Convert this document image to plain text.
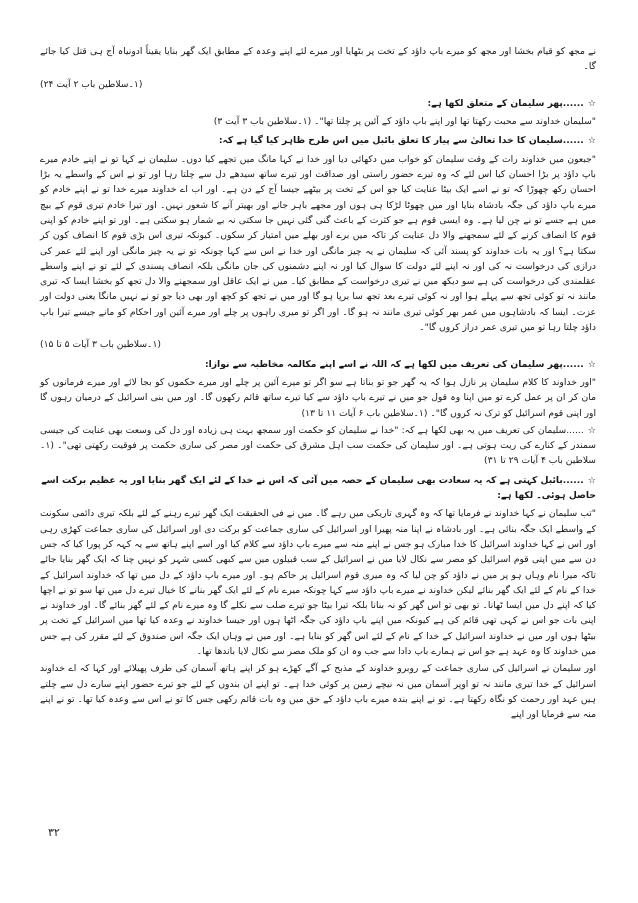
نے مجھ کو قیام بخشا اور مجھ کو میرے باپ داؤد کے تخت پر بٹھایا اور میرے لئے اپنے وعدہ کے مطابق ایک گھر بنایا یقیناً ادونیاہ آج ہی قتل کیا جائے گا۔

(۱۔سلاطین باب ۲ آیت ۲۴)

☆......پھر سلیمان کے متعلق لکھا ہے:

"سلیمان خداوند سے محبت رکھتا تھا اور اپنے باپ داؤد کے آئین پر چلتا تھا"۔ (۱۔سلاطین باب ۳ آیت ۳)

☆......سلیمان کا خدا تعالیٰ سے پیار کا تعلق بائبل میں اس طرح ظاہر کیا گیا ہے کہ:

"جبعون میں خداوند رات کے وقت سلیمان کو خواب میں دکھائی دیا اور خدا نے کہا مانگ میں تجھے کیا دوں۔ سلیمان نے کہا تو نے اپنے خادم میرے باپ داؤد پر بڑا احسان کیا اس لئے کہ وہ تیرے حضور راستی اور صداقت اور تیرے ساتھ سیدھے دل سے چلتا رہا اور تو نے اس کے واسطے یہ بڑا احسان رکھ چھوڑا کہ تو نے اسے ایک بیٹا عنایت کیا جو اس کے تخت پر بیٹھے جیسا آج کے دن ہے۔ اور اب اے خداوند میرے خدا تو نے اپنے خادم کو میرے باپ داؤد کی جگہ بادشاہ بنایا اور میں چھوٹا لڑکا ہی ہوں اور مجھے باہر جانے اور بھیتر آنے کا شعور نہیں۔ اور تیرا خادم تیری قوم کے بیچ میں ہے جسے تو نے چن لیا ہے۔ وہ ایسی قوم ہے جو کثرت کے باعث گنی گئی نہیں جا سکتی نہ بے شمار ہو سکتی ہے۔ اور تو اپنے خادم کو اپنی قوم کا انصاف کرنے کے لئے سمجھنے والا دل عنایت کر تاکہ میں برے اور بھلے میں امتیاز کر سکوں۔ کیونکہ تیری اس بڑی قوم کا انصاف کون کر سکتا ہے؟ اور یہ بات خداوند کو پسند آئی کہ سلیمان نے یہ چیز مانگی اور خدا نے اس سے کہا چونکہ تو نے یہ چیز مانگی اور اپنے لئے عمر کی درازی کی درخواست نہ کی اور نہ اپنے لئے دولت کا سوال کیا اور نہ اپنے دشمنوں کی جان مانگی بلکہ انصاف پسندی کے لئے تو نے اپنے واسطے عقلمندی کی درخواست کی ہے سو دیکھ میں نے تیری درخواست کے مطابق کیا۔ میں نے ایک عاقل اور سمجھنے والا دل تجھ کو بخشا ایسا کہ تیری مانند نہ تو کوئی تجھ سے پہلے ہوا اور نہ کوئی تیرے بعد تجھ سا برپا ہو گا اور میں نے تجھ کو کچھ اور بھی دیا جو تو نے نہیں مانگا یعنی دولت اور عزت۔ ایسا کہ بادشاہوں میں عمر بھر کوئی تیری مانند نہ ہو گا۔ اور اگر تو میری راہوں پر چلے اور میرے آئین اور احکام کو مانے جیسے تیرا باپ داؤد چلتا رہا تو میں تیری عمر دراز کروں گا"۔

(۱۔سلاطین باب ۳ آیات ۵ تا ۱۵)

☆......پھر سلیمان کی تعریف میں لکھا ہے کہ اللہ نے اسے اپنے مکالمہ مخاطبہ سے نوازا:

"اور خداوند کا کلام سلیمان پر نازل ہوا کہ یہ گھر جو تو بناتا ہے سو اگر تو میرے آئین پر چلے اور میرے حکموں کو بجا لائے اور میرے فرمانوں کو مان کر ان پر عمل کرے تو میں اپنا وہ قول جو میں نے تیرے باپ داؤد سے کیا تیرے ساتھ قائم رکھوں گا۔ اور میں بنی اسرائیل کے درمیان رہوں گا اور اپنی قوم اسرائیل کو ترک نہ کروں گا"۔ (۱۔سلاطین باب ۶ آیات ۱۱ تا ۱۳)

☆......سلیمان کی تعریف میں یہ بھی لکھا ہے کہ: "خدا نے سلیمان کو حکمت اور سمجھ بہت ہی زیادہ اور دل کی وسعت بھی عنایت کی جیسی سمندر کے کنارے کی ریت ہوتی ہے۔ اور سلیمان کی حکمت سب اہل مشرق کی حکمت اور مصر کی ساری حکمت پر فوقیت رکھتی تھی"۔ (۱۔سلاطین باب ۴ آیات ۲۹ تا ۳۱)

☆......بائبل کہتی ہے کہ یہ سعادت بھی سلیمان کے حصہ میں آئی کہ اس نے خدا کے لئے ایک گھر بنایا اور یہ عظیم برکت اسے حاصل ہوئی۔ لکھا ہے:

"تب سلیمان نے کہا خداوند نے فرمایا تھا کہ وہ گہری تاریکی میں رہے گا۔ میں نے فی الحقیقت ایک گھر تیرے رہنے کے لئے بلکہ تیری دائمی سکونت کے واسطے ایک جگہ بنائی ہے۔ اور بادشاہ نے اپنا منہ پھیرا اور اسرائیل کی ساری جماعت کو برکت دی اور اسرائیل کی ساری جماعت کھڑی رہی اور اس نے کہا خداوند اسرائیل کا خدا مبارک ہو جس نے اپنے منہ سے میرے باپ داؤد سے کلام کیا اور اسے اپنے ہاتھ سے یہ کہہ کر پورا کیا کہ جس دن سے میں اپنی قوم اسرائیل کو مصر سے نکال لایا میں نے اسرائیل کے سب قبیلوں میں سے کبھی کسی شہر کو نہیں چنا کہ ایک گھر بنایا جائے تاکہ میرا نام وہاں ہو پر میں نے داؤد کو چن لیا کہ وہ میری قوم اسرائیل پر حاکم ہو۔ اور میرے باپ داؤد کے دل میں تھا کہ خداوند اسرائیل کے خدا کے نام کے لئے ایک گھر بنائے لیکن خداوند نے میرے باپ داؤد سے کہا چونکہ میرے نام کے لئے ایک گھر بنانے کا خیال تیرے دل میں تھا سو تو نے اچھا کیا کہ اپنے دل میں ایسا ٹھانا۔ تو بھی تو اس گھر کو نہ بنانا بلکہ تیرا بیٹا جو تیرے صلب سے نکلے گا وہ میرے نام کے لئے گھر بنائے گا۔ اور خداوند نے اپنی بات جو اس نے کہی تھی قائم کی ہے کیونکہ میں اپنے باپ داؤد کی جگہ اٹھا ہوں اور جیسا خداوند نے وعدہ کیا تھا میں اسرائیل کے تخت پر بیٹھا ہوں اور میں نے خداوند اسرائیل کے خدا کے نام کے لئے اس گھر کو بنایا ہے۔ اور میں نے وہاں ایک جگہ اس صندوق کے لئے مقرر کی ہے جس میں خداوند کا وہ عہد ہے جو اس نے ہمارے باپ دادا سے جب وہ ان کو ملک مصر سے نکال لایا باندھا تھا۔

اور سلیمان نے اسرائیل کی ساری جماعت کے روبرو خداوند کے مذبح کے آگے کھڑے ہو کر اپنے ہاتھ آسمان کی طرف پھیلائے اور کہا کہ اے خداوند اسرائیل کے خدا تیری مانند نہ تو اوپر آسمان میں نہ نیچے زمین پر کوئی خدا ہے۔ تو اپنے ان بندوں کے لئے جو تیرے حضور اپنے سارے دل سے چلتے ہیں عہد اور رحمت کو نگاہ رکھتا ہے۔ تو نے اپنے بندہ میرے باپ داؤد کے حق میں وہ بات قائم رکھی جس کا تو نے اس سے وعدہ کیا تھا۔ تو نے اپنے منہ سے فرمایا اور اپنے

۳۲
